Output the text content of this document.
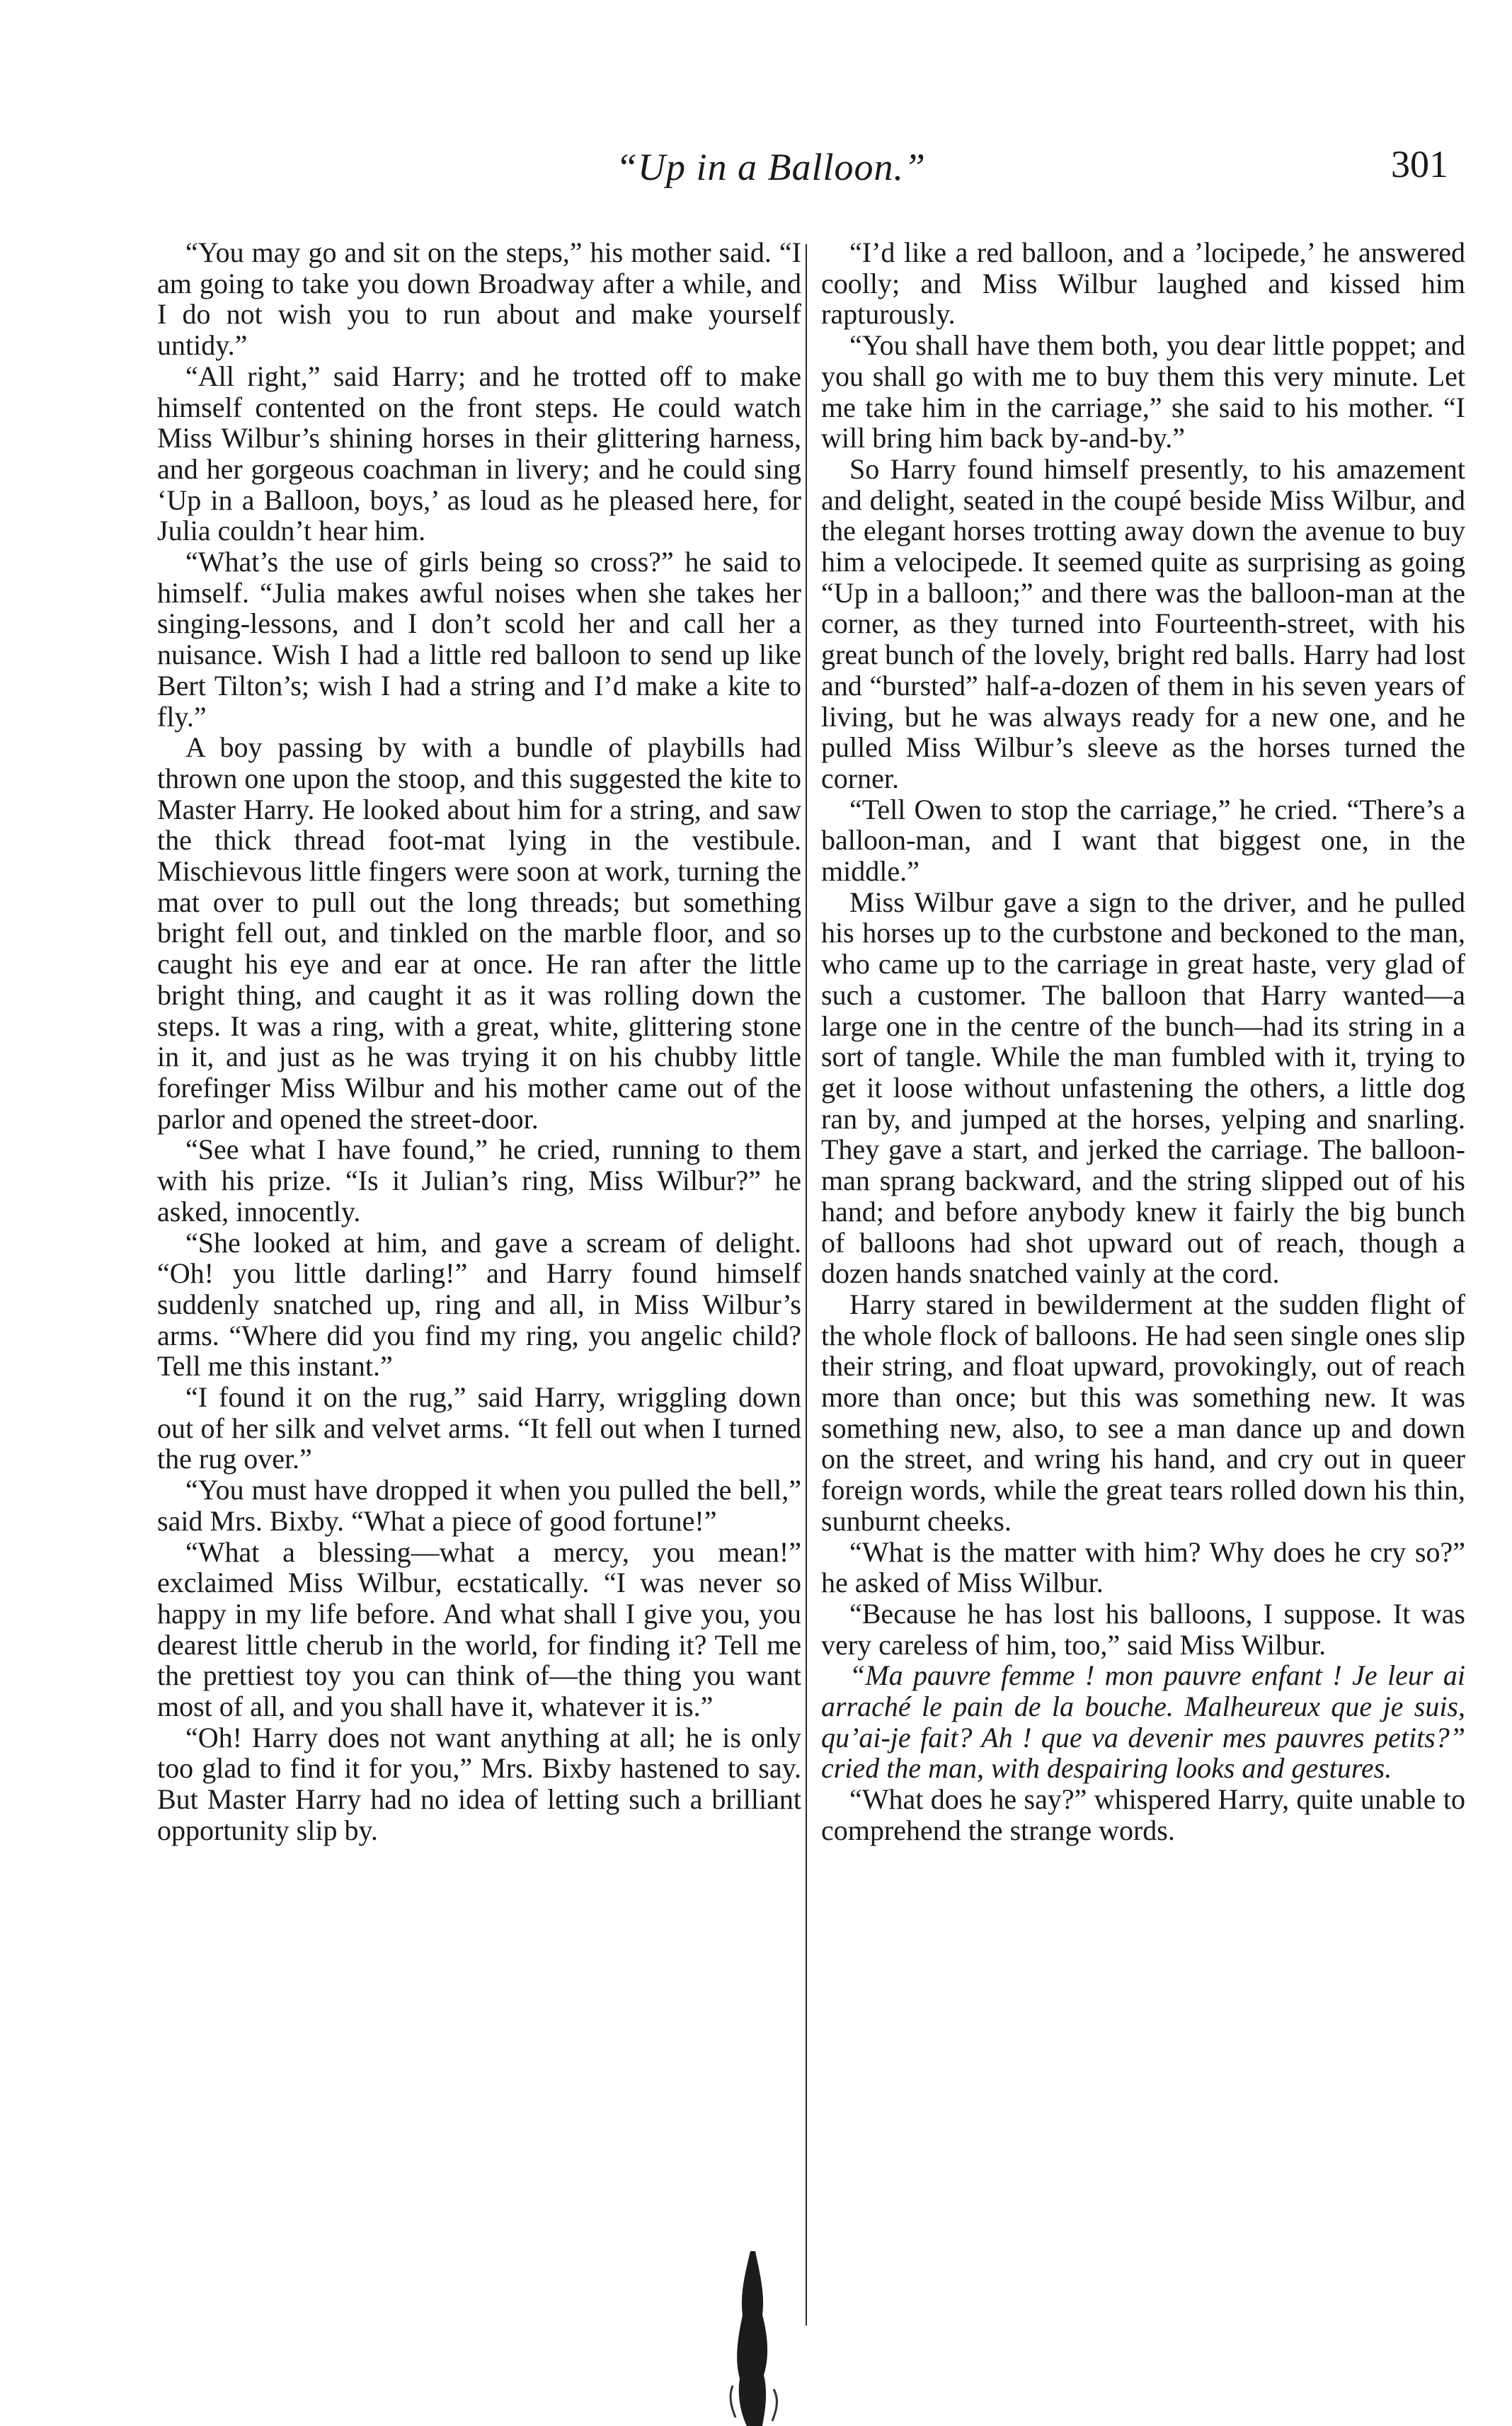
“Up in a Balloon.”	301

“You may go and sit on the steps,” his mother said. “I am going to take you down Broadway after a while, and I do not wish you to run about and make yourself untidy.”

“All right,” said Harry; and he trotted off to make himself contented on the front steps. He could watch Miss Wilbur’s shining horses in their glittering harness, and her gorgeous coachman in livery; and he could sing ‘Up in a Balloon, boys,’ as loud as he pleased here, for Julia couldn’t hear him.

“What’s the use of girls being so cross?” he said to himself. “Julia makes awful noises when she takes her singing-lessons, and I don’t scold her and call her a nuisance. Wish I had a little red balloon to send up like Bert Tilton’s; wish I had a string and I’d make a kite to fly.”

A boy passing by with a bundle of playbills had thrown one upon the stoop, and this suggested the kite to Master Harry. He looked about him for a string, and saw the thick thread foot-mat lying in the vestibule. Mischievous little fingers were soon at work, turning the mat over to pull out the long threads; but something bright fell out, and tinkled on the marble floor, and so caught his eye and ear at once. He ran after the little bright thing, and caught it as it was rolling down the steps. It was a ring, with a great, white, glittering stone in it, and just as he was trying it on his chubby little forefinger Miss Wilbur and his mother came out of the parlor and opened the street-door.

“See what I have found,” he cried, running to them with his prize. “Is it Julian’s ring, Miss Wilbur?” he asked, innocently.

“She looked at him, and gave a scream of delight. “Oh! you little darling!” and Harry found himself suddenly snatched up, ring and all, in Miss Wilbur’s arms. “Where did you find my ring, you angelic child? Tell me this instant.”

“I found it on the rug,” said Harry, wriggling down out of her silk and velvet arms. “It fell out when I turned the rug over.”

“You must have dropped it when you pulled the bell,” said Mrs. Bixby. “What a piece of good fortune!”

“What a blessing—what a mercy, you mean!” exclaimed Miss Wilbur, ecstatically. “I was never so happy in my life before. And what shall I give you, you dearest little cherub in the world, for finding it? Tell me the prettiest toy you can think of—the thing you want most of all, and you shall have it, whatever it is.”

“Oh! Harry does not want anything at all; he is only too glad to find it for you,” Mrs. Bixby hastened to say. But Master Harry had no idea of letting such a brilliant opportunity slip by.

“I’d like a red balloon, and a ’locipede,’ he answered coolly; and Miss Wilbur laughed and kissed him rapturously.

“You shall have them both, you dear little poppet; and you shall go with me to buy them this very minute. Let me take him in the carriage,” she said to his mother. “I will bring him back by-and-by.”

So Harry found himself presently, to his amazement and delight, seated in the coupé beside Miss Wilbur, and the elegant horses trotting away down the avenue to buy him a velocipede. It seemed quite as surprising as going “Up in a balloon;” and there was the balloon-man at the corner, as they turned into Fourteenth-street, with his great bunch of the lovely, bright red balls. Harry had lost and “bursted” half-a-dozen of them in his seven years of living, but he was always ready for a new one, and he pulled Miss Wilbur’s sleeve as the horses turned the corner.

“Tell Owen to stop the carriage,” he cried. “There’s a balloon-man, and I want that biggest one, in the middle.”

Miss Wilbur gave a sign to the driver, and he pulled his horses up to the curbstone and beckoned to the man, who came up to the carriage in great haste, very glad of such a customer. The balloon that Harry wanted—a large one in the centre of the bunch—had its string in a sort of tangle. While the man fumbled with it, trying to get it loose without unfastening the others, a little dog ran by, and jumped at the horses, yelping and snarling. They gave a start, and jerked the carriage. The balloon-man sprang backward, and the string slipped out of his hand; and before anybody knew it fairly the big bunch of balloons had shot upward out of reach, though a dozen hands snatched vainly at the cord.

Harry stared in bewilderment at the sudden flight of the whole flock of balloons. He had seen single ones slip their string, and float upward, provokingly, out of reach more than once; but this was something new. It was something new, also, to see a man dance up and down on the street, and wring his hand, and cry out in queer foreign words, while the great tears rolled down his thin, sunburnt cheeks.

“What is the matter with him? Why does he cry so?” he asked of Miss Wilbur.

“Because he has lost his balloons, I suppose. It was very careless of him, too,” said Miss Wilbur.

“Ma pauvre femme ! mon pauvre enfant ! Je leur ai arraché le pain de la bouche. Malheureux que je suis, qu’ai-je fait? Ah ! que va devenir mes pauvres petits?” cried the man, with despairing looks and gestures.

“What does he say?” whispered Harry, quite unable to comprehend the strange words.
